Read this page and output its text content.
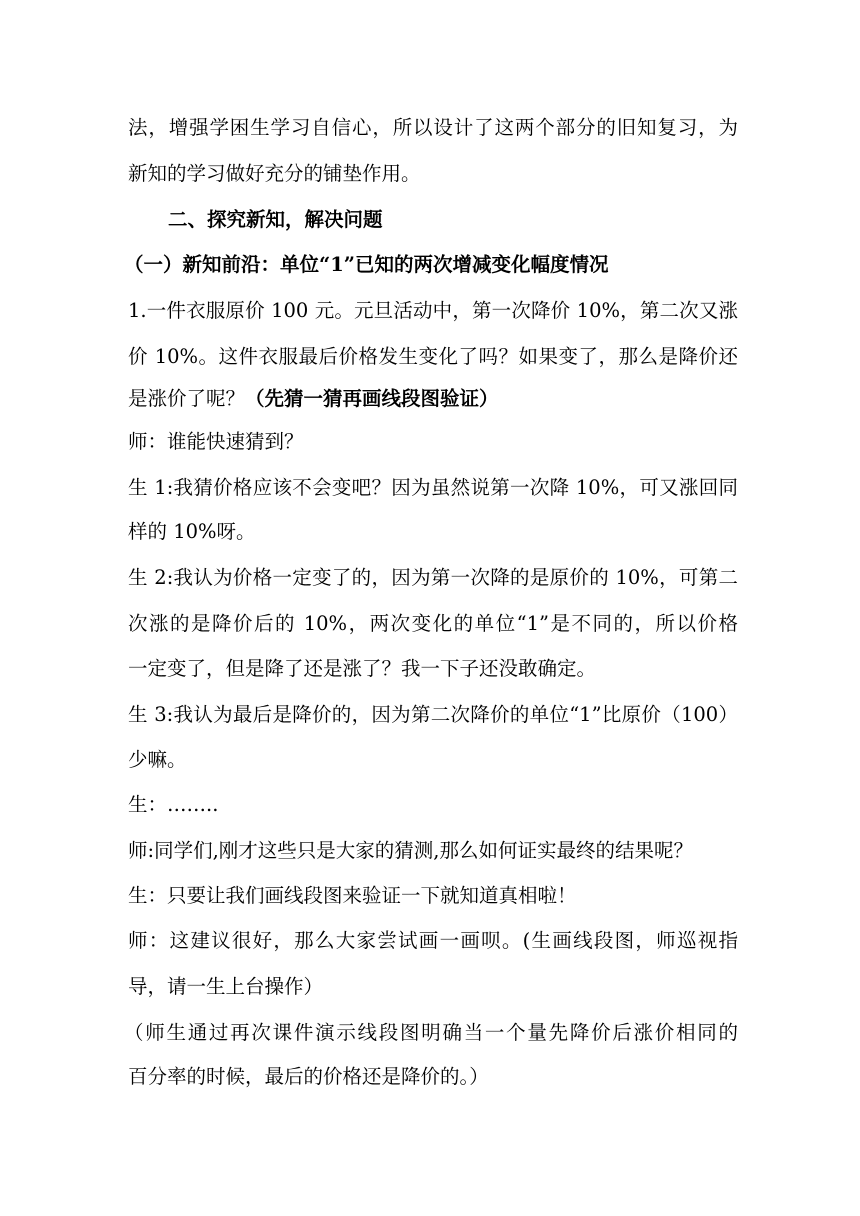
法，增强学困生学习自信心，所以设计了这两个部分的旧知复习，为
新知的学习做好充分的铺垫作用。
二、探究新知，解决问题
（一）新知前沿：单位“1”已知的两次增减变化幅度情况
1.一件衣服原价 100 元。元旦活动中，第一次降价 10%，第二次又涨
价 10%。这件衣服最后价格发生变化了吗？如果变了，那么是降价还
是涨价了呢？（先猜一猜再画线段图验证）
师：谁能快速猜到？
生 1:我猜价格应该不会变吧？因为虽然说第一次降 10%，可又涨回同
样的 10%呀。
生 2:我认为价格一定变了的，因为第一次降的是原价的 10%，可第二
次涨的是降价后的 10%，两次变化的单位“1”是不同的，所以价格
一定变了，但是降了还是涨了？我一下子还没敢确定。
生 3:我认为最后是降价的，因为第二次降价的单位“1”比原价（100）
少嘛。
生：……..
师:同学们,刚才这些只是大家的猜测,那么如何证实最终的结果呢？
生：只要让我们画线段图来验证一下就知道真相啦！
师：这建议很好，那么大家尝试画一画呗。(生画线段图，师巡视指
导，请一生上台操作）
（师生通过再次课件演示线段图明确当一个量先降价后涨价相同的
百分率的时候，最后的价格还是降价的。）
